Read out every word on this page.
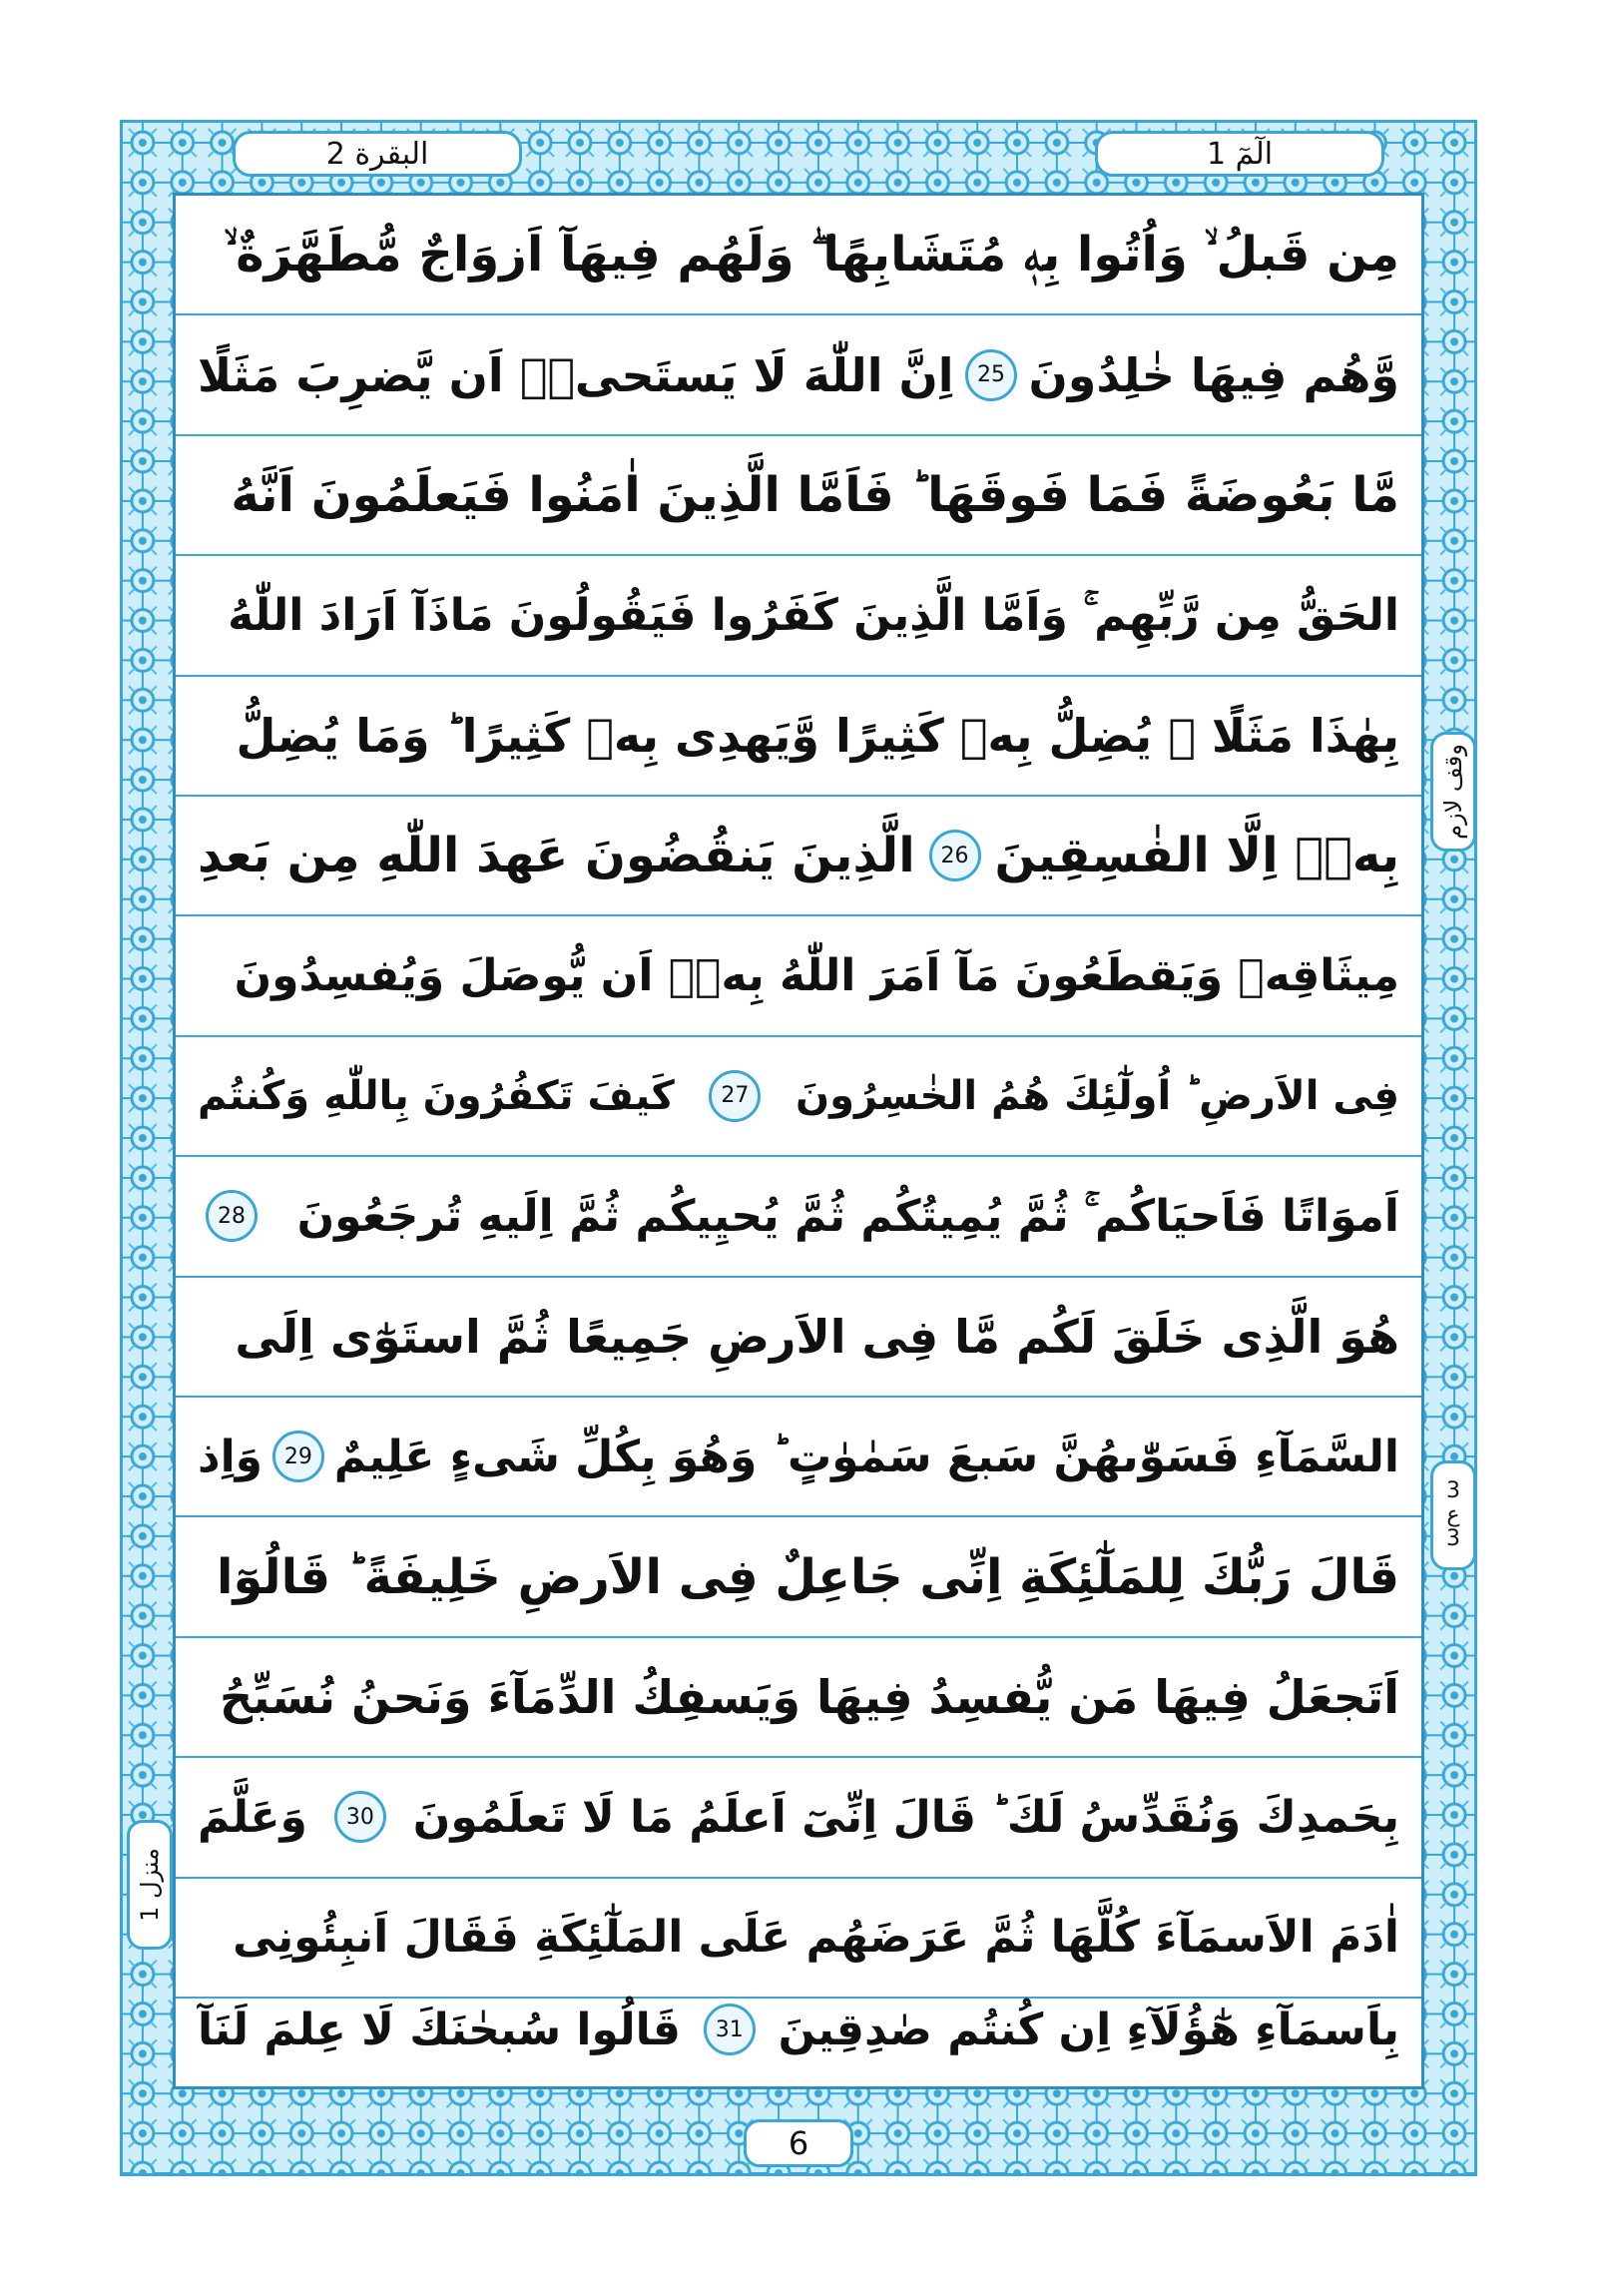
البقرة 2	الٓمٓ 1
وقف لازم
3
ع
3
منزل 1
مِن قَبلُ ۙ وَاُتُوا بِهٖ مُتَشَابِهًا ۖ وَلَهُم فِيهَآ اَزوَاجٌ مُّطَهَّرَةٌ ۙ
وَّهُم فِيهَا خٰلِدُونَ
25
اِنَّ اللّٰهَ لَا يَستَحیٖۤ اَن يَّضرِبَ مَثَلًا
مَّا بَعُوضَةً فَمَا فَوقَهَا ؕ فَاَمَّا الَّذِينَ اٰمَنُوا فَيَعلَمُونَ اَنَّهُ
الحَقُّ مِن رَّبِّهِم ۚ وَاَمَّا الَّذِينَ كَفَرُوا فَيَقُولُونَ مَاذَآ اَرَادَ اللّٰهُ
بِهٰذَا مَثَلًا ۘ يُضِلُّ بِهٖ كَثِيرًا وَّيَهدِی بِهٖ كَثِيرًا ؕ وَمَا يُضِلُّ
بِهٖۤ اِلَّا الفٰسِقِينَ
26
الَّذِينَ يَنقُضُونَ عَهدَ اللّٰهِ مِن بَعدِ
مِيثَاقِهٖ وَيَقطَعُونَ مَآ اَمَرَ اللّٰهُ بِهٖۤ اَن يُّوصَلَ وَيُفسِدُونَ
فِى الاَرضِ ؕ اُولٰٓئِكَ هُمُ الخٰسِرُونَ
27
كَيفَ تَكفُرُونَ بِاللّٰهِ وَكُنتُم
اَموَاتًا فَاَحيَاكُم ۚ ثُمَّ يُمِيتُكُم ثُمَّ يُحيِيكُم ثُمَّ اِلَيهِ تُرجَعُونَ
28
هُوَ الَّذِی خَلَقَ لَكُم مَّا فِى الاَرضِ جَمِيعًا ثُمَّ استَوٰٓى اِلَى
السَّمَآءِ فَسَوّٰىهُنَّ سَبعَ سَمٰوٰتٍ ؕ وَهُوَ بِكُلِّ شَیءٍ عَلِيمٌ
29
وَاِذ
قَالَ رَبُّكَ لِلمَلٰٓئِكَةِ اِنِّی جَاعِلٌ فِى الاَرضِ خَلِيفَةً ؕ قَالُوٓا
اَتَجعَلُ فِيهَا مَن يُّفسِدُ فِيهَا وَيَسفِكُ الدِّمَآءَ وَنَحنُ نُسَبِّحُ
بِحَمدِكَ وَنُقَدِّسُ لَكَ ؕ قَالَ اِنِّیٓ اَعلَمُ مَا لَا تَعلَمُونَ
30
وَعَلَّمَ
اٰدَمَ الاَسمَآءَ كُلَّهَا ثُمَّ عَرَضَهُم عَلَى المَلٰٓئِكَةِ فَقَالَ اَنبِئُونِی
بِاَسمَآءِ هٰٓؤُلَآءِ اِن كُنتُم صٰدِقِينَ
31
قَالُوا سُبحٰنَكَ لَا عِلمَ لَنَآ
6
